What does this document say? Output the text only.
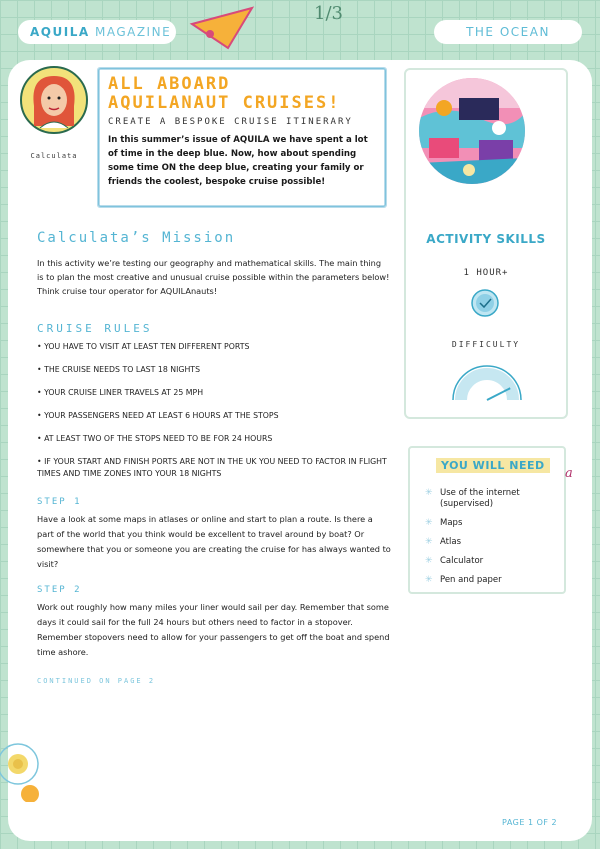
AQUILA MAGAZINE	THE OCEAN
1/3
Calculata
ALL ABOARD
AQUILANAUT CRUISES!
CREATE A BESPOKE CRUISE ITINERARY
In this summer’s issue of AQUILA we have spent a lot of time in the deep blue. Now, how about spending some time ON the deep blue, creating your family or friends the coolest, bespoke cruise possible!
ACTIVITY SKILLS
1 HOUR+
DIFFICULTY
YOU WILL NEED
✳ Use of the internet (supervised)
✳ Maps
✳ Atlas
✳ Calculator
✳ Pen and paper
Calculata’s Mission
In this activity we’re testing our geography and mathematical skills. The main thing is to plan the most creative and unusual cruise possible within the parameters below! Think cruise tour operator for AQUILAnauts!
CRUISE RULES
• YOU HAVE TO VISIT AT LEAST TEN DIFFERENT PORTS
• THE CRUISE NEEDS TO LAST 18 NIGHTS
• YOUR CRUISE LINER TRAVELS AT 25 MPH
• YOUR PASSENGERS NEED AT LEAST 6 HOURS AT THE STOPS
• AT LEAST TWO OF THE STOPS NEED TO BE FOR 24 HOURS
• IF YOUR START AND FINISH PORTS ARE NOT IN THE UK YOU NEED TO FACTOR IN FLIGHT TIMES AND TIME ZONES INTO YOUR 18 NIGHTS
STEP 1
Have a look at some maps in atlases or online and start to plan a route. Is there a part of the world that you think would be excellent to travel around by boat? Or somewhere that you or someone you are creating the cruise for has always wanted to visit?
STEP 2
Work out roughly how many miles your liner would sail per day. Remember that some days it could sail for the full 24 hours but others need to factor in a stopover. Remember stopovers need to allow for your passengers to get off the boat and spend time ashore.
CONTINUED ON PAGE 2
PAGE 1 OF 2
a
